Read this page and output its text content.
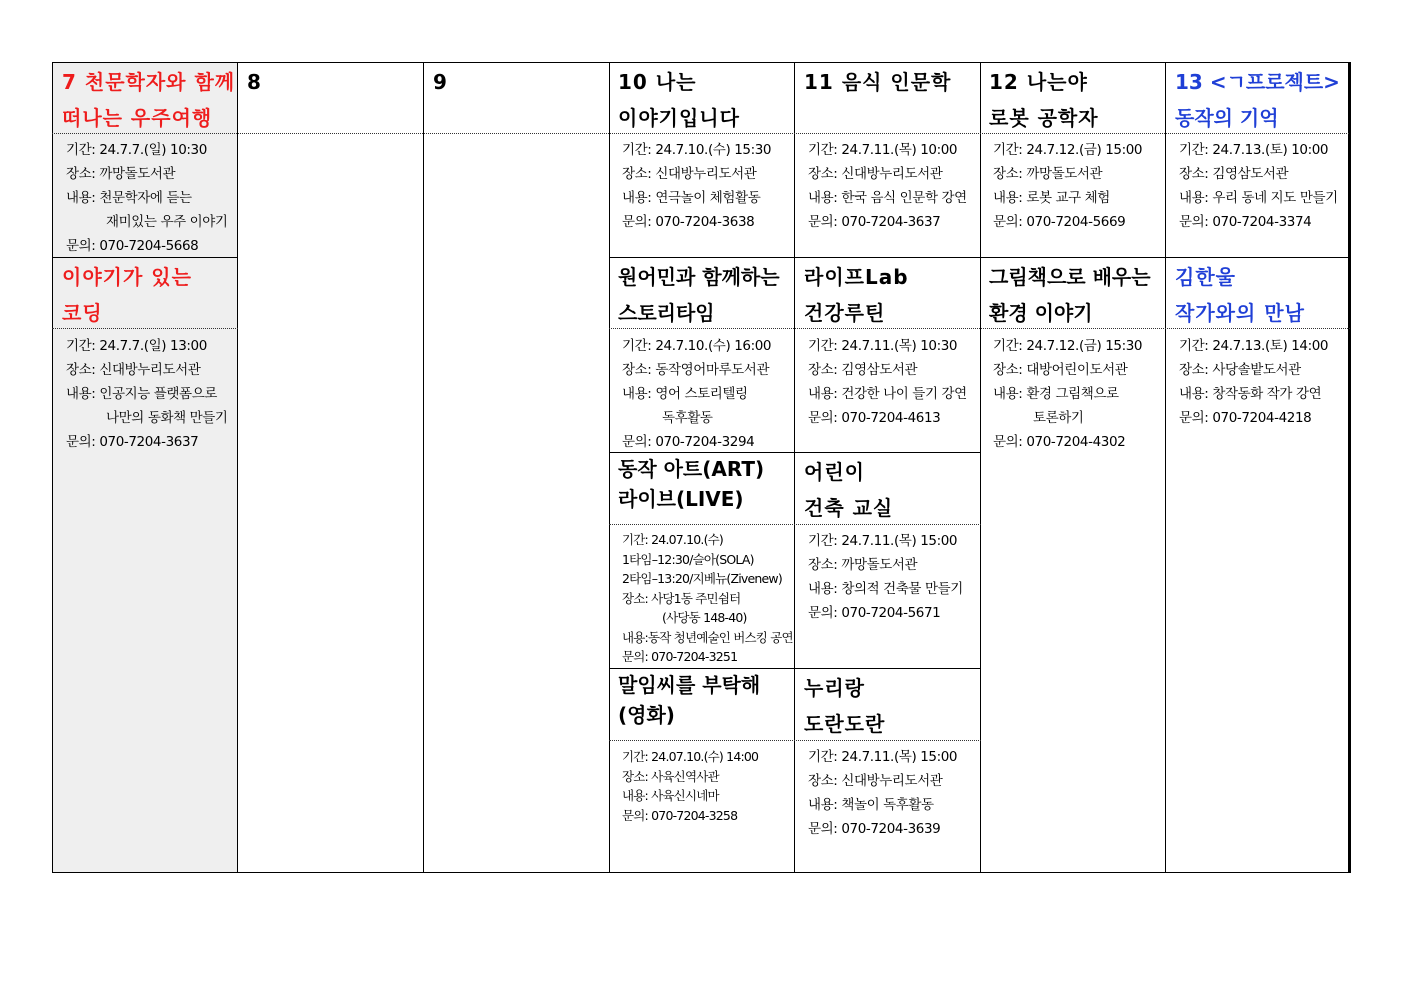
7 천문학자와 함께
떠나는 우주여행
기간: 24.7.7.(일) 10:30
장소: 까망돌도서관
내용: 천문학자에 듣는
재미있는 우주 이야기
문의: 070-7204-5668
이야기가 있는
코딩
기간: 24.7.7.(일) 13:00
장소: 신대방누리도서관
내용: 인공지능 플랫폼으로
나만의 동화책 만들기
문의: 070-7204-3637
8	9	10 나는
이야기입니다
기간: 24.7.10.(수) 15:30
장소: 신대방누리도서관
내용: 연극놀이 체험활동
문의: 070-7204-3638
원어민과 함께하는
스토리타임
기간: 24.7.10.(수) 16:00
장소: 동작영어마루도서관
내용: 영어 스토리텔링
독후활동
문의: 070-7204-3294
동작 아트(ART)
라이브(LIVE)
기간: 24.07.10.(수)
1타임–12:30/슬아(SOLA)
2타임–13:20/지베뉴(Zivenew)
장소: 사당1동 주민쉼터
(사당동 148-40)
내용:동작 청년예술인 버스킹 공연
문의: 070-7204-3251
말임씨를 부탁해
(영화)
기간: 24.07.10.(수) 14:00
장소: 사육신역사관
내용: 사육신시네마
문의: 070-7204-3258
11 음식 인문학
기간: 24.7.11.(목) 10:00
장소: 신대방누리도서관
내용: 한국 음식 인문학 강연
문의: 070-7204-3637
라이프Lab
건강루틴
기간: 24.7.11.(목) 10:30
장소: 김영삼도서관
내용: 건강한 나이 들기 강연
문의: 070-7204-4613
어린이
건축 교실
기간: 24.7.11.(목) 15:00
장소: 까망돌도서관
내용: 창의적 건축물 만들기
문의: 070-7204-5671
누리랑
도란도란
기간: 24.7.11.(목) 15:00
장소: 신대방누리도서관
내용: 책놀이 독후활동
문의: 070-7204-3639
12 나는야
로봇 공학자
기간: 24.7.12.(금) 15:00
장소: 까망돌도서관
내용: 로봇 교구 체험
문의: 070-7204-5669
그림책으로 배우는
환경 이야기
기간: 24.7.12.(금) 15:30
장소: 대방어린이도서관
내용: 환경 그림책으로
토론하기
문의: 070-7204-4302
13 <ㄱ프로젝트>
동작의 기억
기간: 24.7.13.(토) 10:00
장소: 김영삼도서관
내용: 우리 동네 지도 만들기
문의: 070-7204-3374
김한울
작가와의 만남
기간: 24.7.13.(토) 14:00
장소: 사당솔밭도서관
내용: 창작동화 작가 강연
문의: 070-7204-4218
